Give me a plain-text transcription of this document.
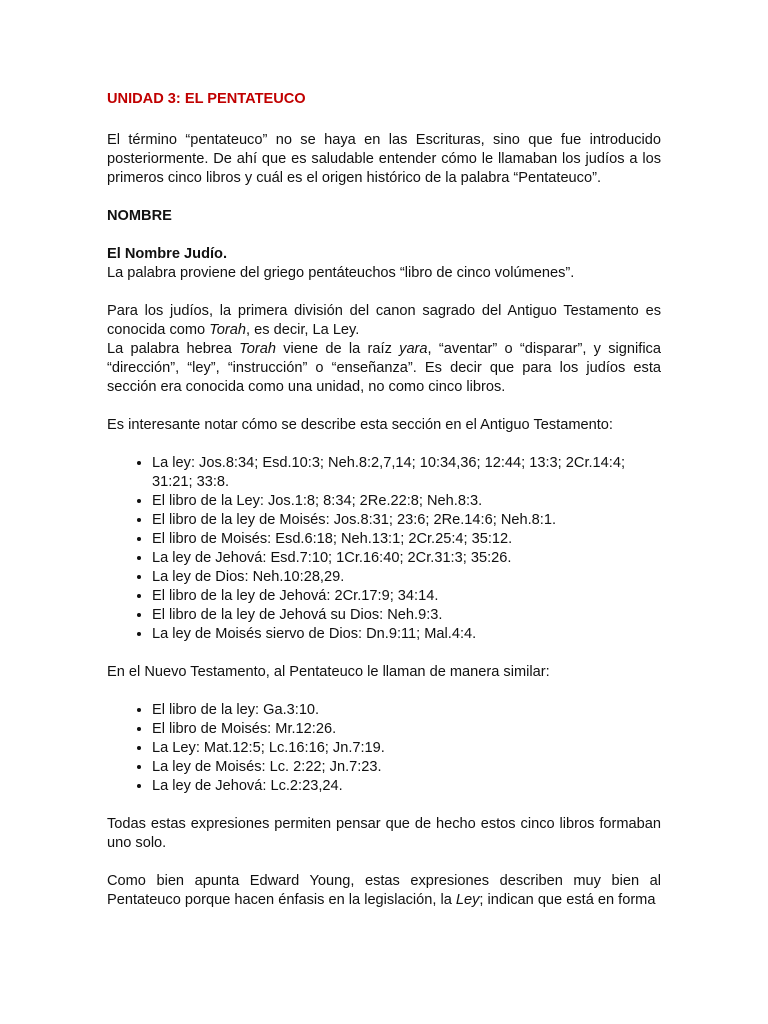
UNIDAD 3: EL PENTATEUCO

El término “pentateuco” no se haya en las Escrituras, sino que fue introducido posteriormente. De ahí que es saludable entender cómo le llamaban los judíos a los primeros cinco libros y cuál es el origen histórico de la palabra “Pentateuco”.

NOMBRE
El Nombre Judío.

La palabra proviene del griego pentáteuchos “libro de cinco volúmenes”.

Para los judíos, la primera división del canon sagrado del Antiguo Testamento es conocida como Torah, es decir, La Ley.

La palabra hebrea Torah viene de la raíz yara, “aventar” o “disparar”, y significa “dirección”, “ley”, “instrucción” o “enseñanza”. Es decir que para los judíos esta sección era conocida como una unidad, no como cinco libros.

Es interesante notar cómo se describe esta sección en el Antiguo Testamento:

• La ley: Jos.8:34; Esd.10:3; Neh.8:2,7,14; 10:34,36; 12:44; 13:3; 2Cr.14:4; 31:21; 33:8.
• El libro de la Ley: Jos.1:8; 8:34; 2Re.22:8; Neh.8:3.
• El libro de la ley de Moisés: Jos.8:31; 23:6; 2Re.14:6; Neh.8:1.
• El libro de Moisés: Esd.6:18; Neh.13:1; 2Cr.25:4; 35:12.
• La ley de Jehová: Esd.7:10; 1Cr.16:40; 2Cr.31:3; 35:26.
• La ley de Dios: Neh.10:28,29.
• El libro de la ley de Jehová: 2Cr.17:9; 34:14.
• El libro de la ley de Jehová su Dios: Neh.9:3.
• La ley de Moisés siervo de Dios: Dn.9:11; Mal.4:4.

En el Nuevo Testamento, al Pentateuco le llaman de manera similar:

• El libro de la ley: Ga.3:10.
• El libro de Moisés: Mr.12:26.
• La Ley: Mat.12:5; Lc.16:16; Jn.7:19.
• La ley de Moisés: Lc. 2:22; Jn.7:23.
• La ley de Jehová: Lc.2:23,24.

Todas estas expresiones permiten pensar que de hecho estos cinco libros formaban uno solo.

Como bien apunta Edward Young, estas expresiones describen muy bien al Pentateuco porque hacen énfasis en la legislación, la Ley; indican que está en forma
